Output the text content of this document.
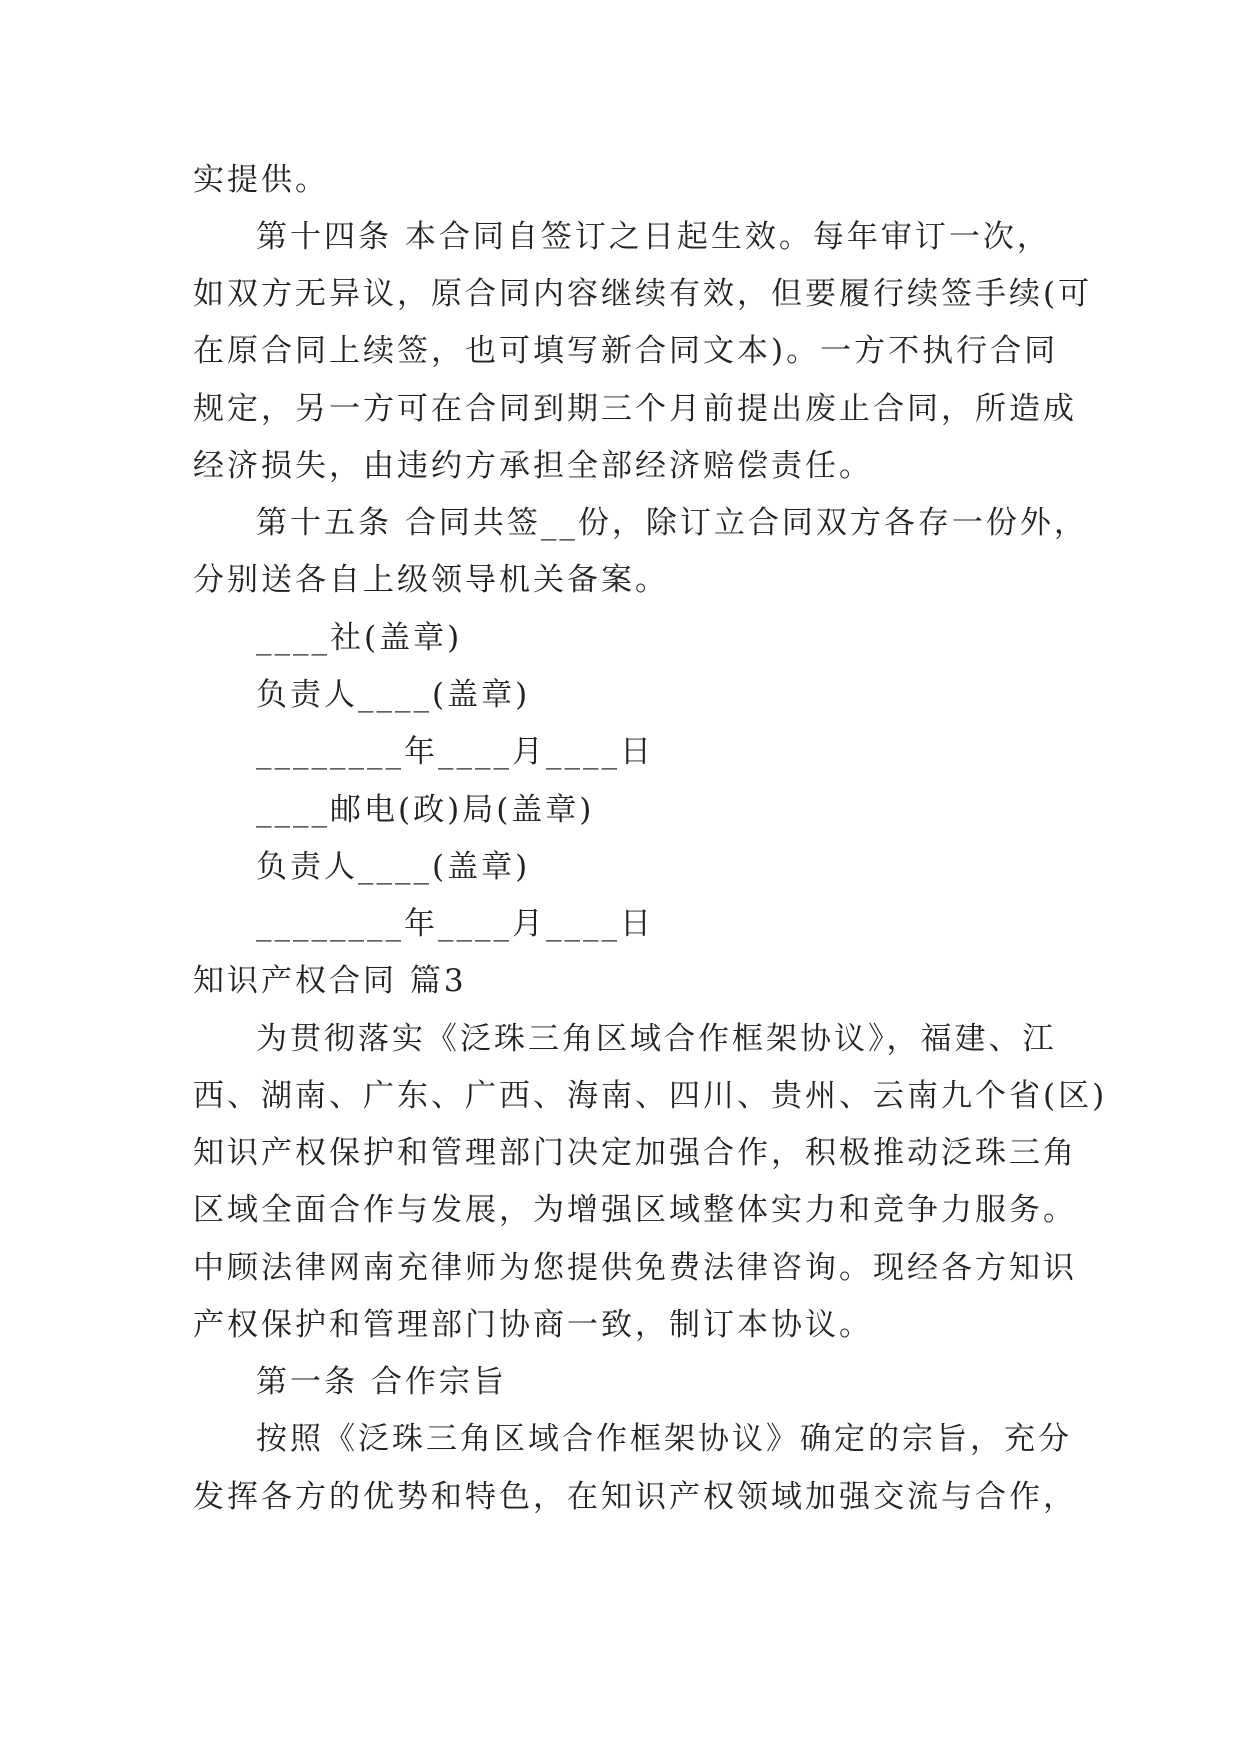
实提供。
第十四条 本合同自签订之日起生效。每年审订一次，
如双方无异议，原合同内容继续有效，但要履行续签手续(可
在原合同上续签，也可填写新合同文本)。一方不执行合同
规定，另一方可在合同到期三个月前提出废止合同，所造成
经济损失，由违约方承担全部经济赔偿责任。
第十五条 合同共签__份，除订立合同双方各存一份外，
分别送各自上级领导机关备案。
____社(盖章)
负责人____(盖章)
________年____月____日
____邮电(政)局(盖章)
负责人____(盖章)
________年____月____日
知识产权合同 篇3
为贯彻落实《泛珠三角区域合作框架协议》，福建、江
西、湖南、广东、广西、海南、四川、贵州、云南九个省(区)
知识产权保护和管理部门决定加强合作，积极推动泛珠三角
区域全面合作与发展，为增强区域整体实力和竞争力服务。
中顾法律网南充律师为您提供免费法律咨询。现经各方知识
产权保护和管理部门协商一致，制订本协议。
第一条 合作宗旨
按照《泛珠三角区域合作框架协议》确定的宗旨，充分
发挥各方的优势和特色，在知识产权领域加强交流与合作，
